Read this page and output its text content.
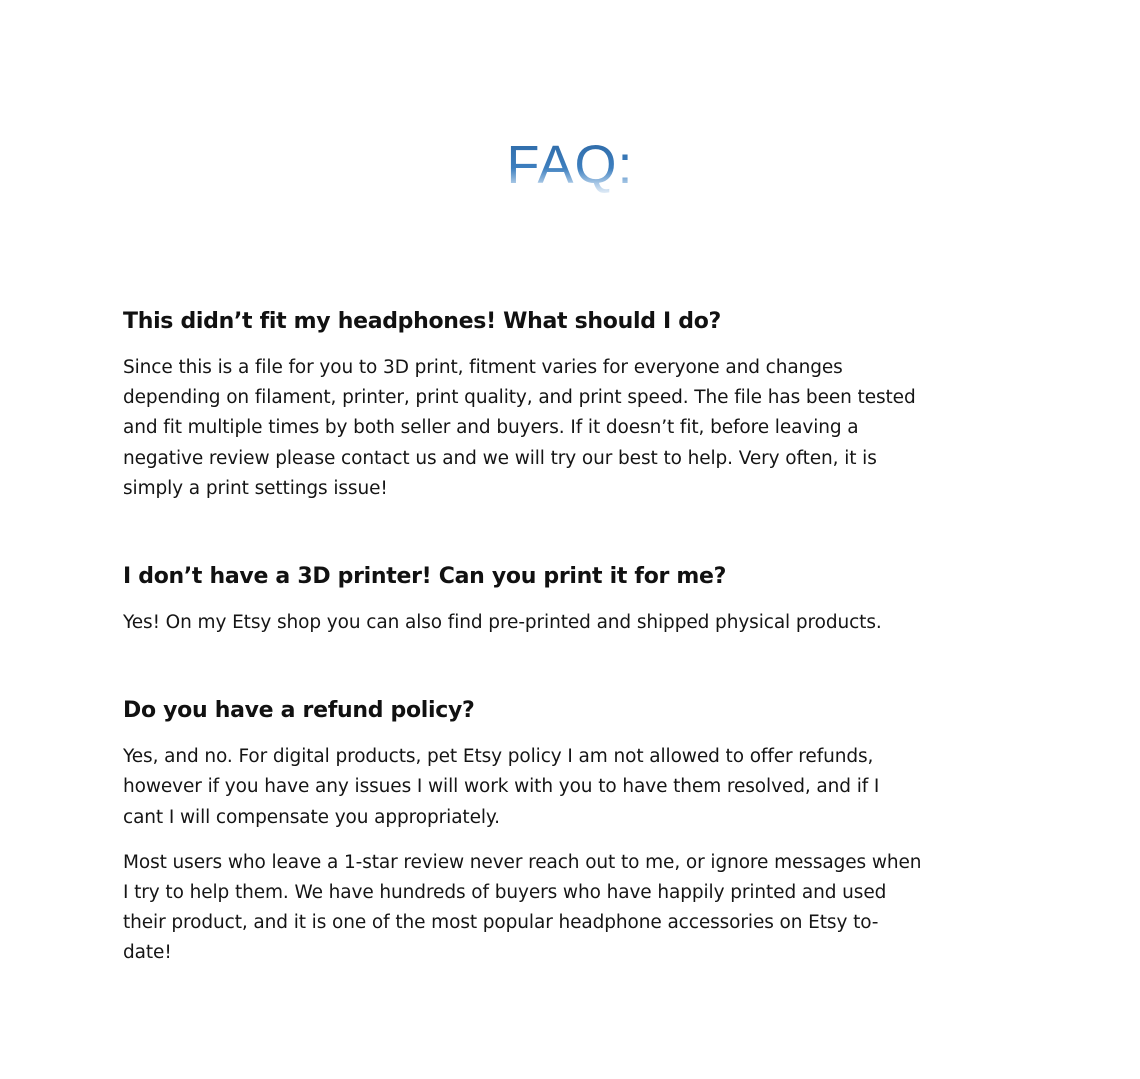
FAQ:
This didn’t fit my headphones! What should I do?

Since this is a file for you to 3D print, fitment varies for everyone and changes
depending on filament, printer, print quality, and print speed. The file has been tested
and fit multiple times by both seller and buyers. If it doesn’t fit, before leaving a
negative review please contact us and we will try our best to help. Very often, it is
simply a print settings issue!

I don’t have a 3D printer! Can you print it for me?

Yes! On my Etsy shop you can also find pre-printed and shipped physical products.

Do you have a refund policy?

Yes, and no. For digital products, pet Etsy policy I am not allowed to offer refunds,
however if you have any issues I will work with you to have them resolved, and if I
cant I will compensate you appropriately.

Most users who leave a 1-star review never reach out to me, or ignore messages when
I try to help them. We have hundreds of buyers who have happily printed and used
their product, and it is one of the most popular headphone accessories on Etsy to-
date!
